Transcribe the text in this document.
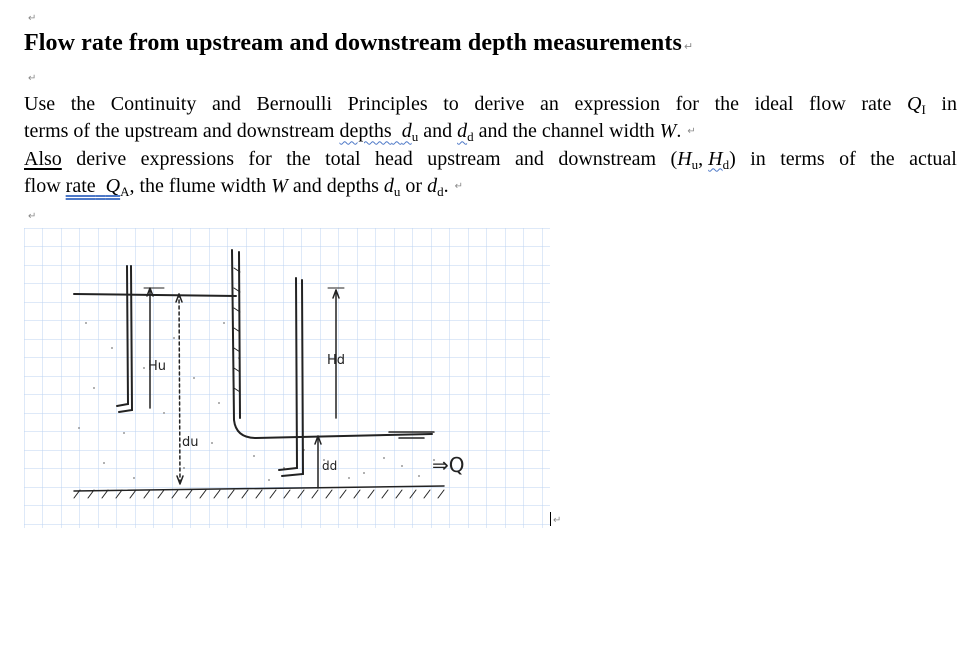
↵
↵
↵
Flow rate from upstream and downstream depth measurements ↵
Use the Continuity and Bernoulli Principles to derive an expression for the ideal flow rate $Q_I$ in
terms of the upstream and downstream depths $d_u$ and $d_d$ and the channel width W . ↵
Also derive expressions for the total head upstream and downstream ($H_u$, $H_d$) in terms of the actual
flow rate $Q_A$ , the flume width W and depths $d_u$ or $d_d$ . ↵
Hu	Hd
du
dd	⇒Q
↵
